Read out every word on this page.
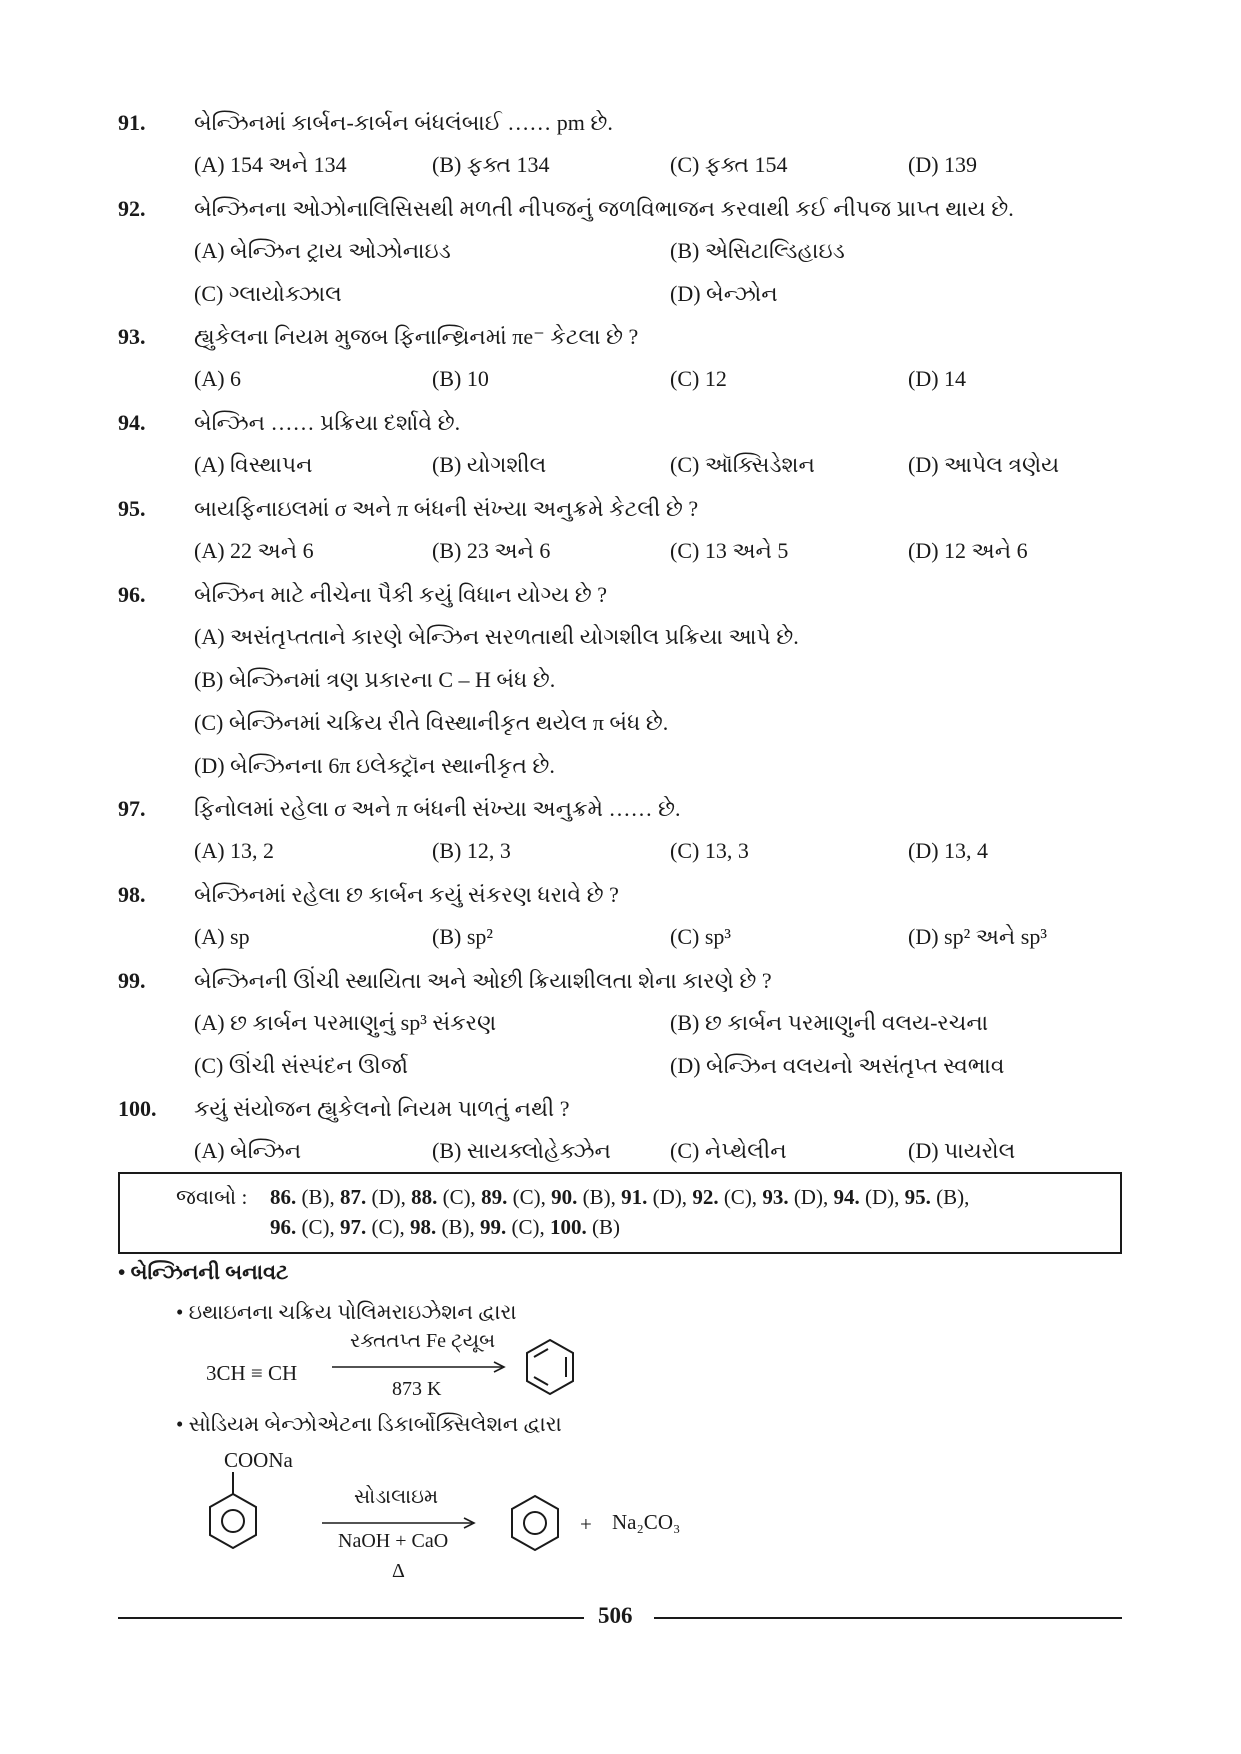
91. બેન્ઝિનમાં કાર્બન-કાર્બન બંધલંબાઈ …… pm છે.
(A) 154 અને 134	(B) ફક્ત 134	(C) ફક્ત 154	(D) 139
92. બેન્ઝિનના ઓઝોનાલિસિસથી મળતી નીપજનું જળવિભાજન કરવાથી કઈ નીપજ પ્રાપ્ત થાય છે.
(A) બેન્ઝિન ટ્રાય ઓઝોનાઇડ	(B) એસિટાલ્ડિહાઇડ
(C) ગ્લાયોક્ઝાલ	(D) બેન્ઝોન
93. હ્યુકેલના નિયમ મુજબ ફિનાન્થ્રિનમાં πe⁻ કેટલા છે ?
(A) 6	(B) 10	(C) 12	(D) 14
94. બેન્ઝિન …… પ્રક્રિયા દર્શાવે છે.
(A) વિસ્થાપન	(B) યોગશીલ	(C) ઑક્સિડેશન	(D) આપેલ ત્રણેય
95. બાયફિનાઇલમાં σ અને π બંધની સંખ્યા અનુક્રમે કેટલી છે ?
(A) 22 અને 6	(B) 23 અને 6	(C) 13 અને 5	(D) 12 અને 6
96. બેન્ઝિન માટે નીચેના પૈકી કયું વિધાન યોગ્ય છે ?
(A) અસંતૃપ્તતાને કારણે બેન્ઝિન સરળતાથી યોગશીલ પ્રક્રિયા આપે છે.
(B) બેન્ઝિનમાં ત્રણ પ્રકારના C – H બંધ છે.
(C) બેન્ઝિનમાં ચક્રિય રીતે વિસ્થાનીકૃત થયેલ π બંધ છે.
(D) બેન્ઝિનના 6π ઇલેક્ટ્રૉન સ્થાનીકૃત છે.
97. ફિનોલમાં રહેલા σ અને π બંધની સંખ્યા અનુક્રમે …… છે.
(A) 13, 2	(B) 12, 3	(C) 13, 3	(D) 13, 4
98. બેન્ઝિનમાં રહેલા છ કાર્બન કયું સંકરણ ધરાવે છે ?
(A) sp	(B) sp²	(C) sp³	(D) sp² અને sp³
99. બેન્ઝિનની ઊંચી સ્થાયિતા અને ઓછી ક્રિયાશીલતા શેના કારણે છે ?
(A) છ કાર્બન પરમાણુનું sp³ સંકરણ	(B) છ કાર્બન પરમાણુની વલય-રચના
(C) ઊંચી સંસ્પંદન ઊર્જા	(D) બેન્ઝિન વલયનો અસંતૃપ્ત સ્વભાવ
100. કયું સંયોજન હ્યુકેલનો નિયમ પાળતું નથી ?
(A) બેન્ઝિન	(B) સાયક્લોહેક્ઝેન	(C) નેપ્થેલીન	(D) પાયરોલ
જવાબો : 86. (B), 87. (D), 88. (C), 89. (C), 90. (B), 91. (D), 92. (C), 93. (D), 94. (D), 95. (B),
96. (C), 97. (C), 98. (B), 99. (C), 100. (B)
• બેન્ઝિનની બનાવટ
• ઇથાઇનના ચક્રિય પોલિમરાઇઝેશન દ્વારા
3CH ≡ CH
રક્તતપ્ત Fe ટ્યૂબ
873 K
• સોડિયમ બેન્ઝોએટના ડિકાર્બોક્સિલેશન દ્વારા
COONa
સોડાલાઇમ
NaOH + CaO
Δ
+ Na₂CO₃
506
